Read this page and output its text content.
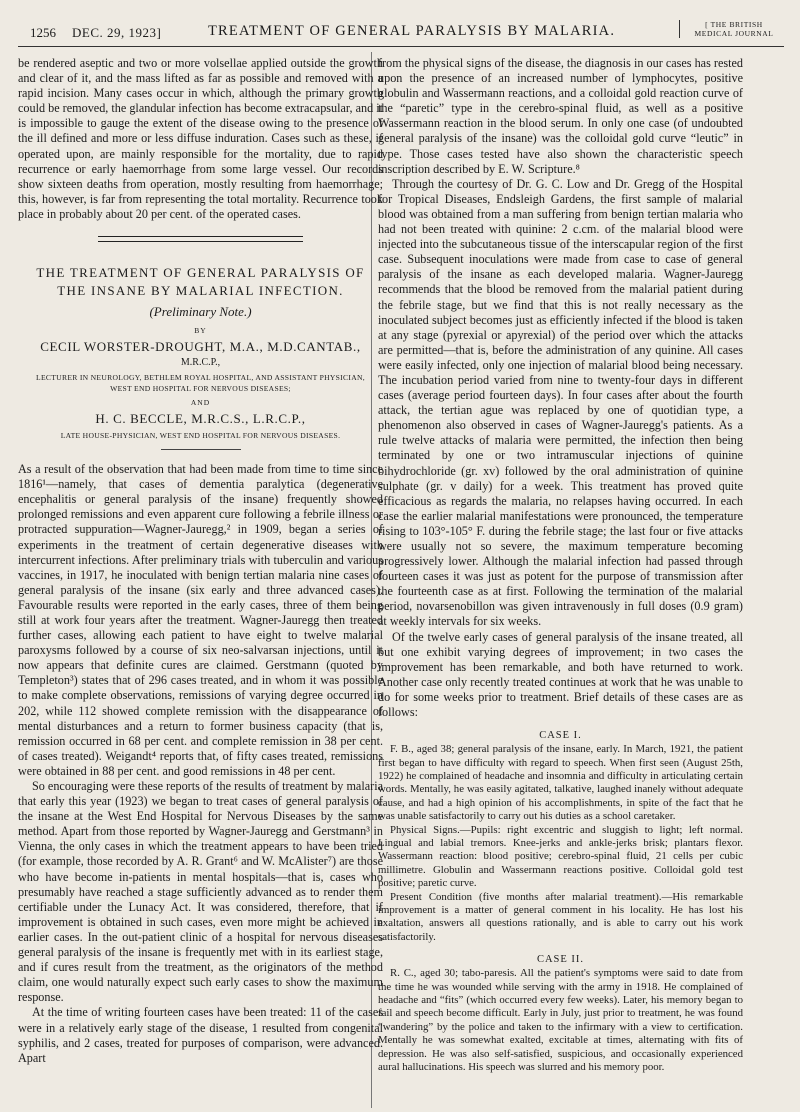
1256 DEC. 29, 1923]	TREATMENT OF GENERAL PARALYSIS BY MALARIA.	[ THE BRITISH
MEDICAL JOURNAL

be rendered aseptic and two or more volsellae applied outside the growth and clear of it, and the mass lifted as far as possible and removed with a rapid incision. Many cases occur in which, although the primary growth could be removed, the glandular infection has become extracapsular, and it is impossible to gauge the extent of the disease owing to the presence of the ill defined and more or less diffuse induration. Cases such as these, if operated upon, are mainly responsible for the mortality, due to rapid recurrence or early haemorrhage from some large vessel. Our records show sixteen deaths from operation, mostly resulting from haemorrhage; this, however, is far from representing the total mortality. Recurrence took place in probably about 20 per cent. of the operated cases.

THE TREATMENT OF GENERAL PARALYSIS OF
THE INSANE BY MALARIAL INFECTION.
(Preliminary Note.)
BY
CECIL WORSTER-DROUGHT, M.A., M.D.CANTAB.,
M.R.C.P.,
LECTURER IN NEUROLOGY, BETHLEM ROYAL HOSPITAL, AND ASSISTANT PHYSICIAN, WEST END HOSPITAL FOR NERVOUS DISEASES;
AND
H. C. BECCLE, M.R.C.S., L.R.C.P.,
LATE HOUSE-PHYSICIAN, WEST END HOSPITAL FOR NERVOUS DISEASES.

As a result of the observation that had been made from time to time since 1816¹—namely, that cases of dementia paralytica (degenerative encephalitis or general paralysis of the insane) frequently showed prolonged remissions and even apparent cure following a febrile illness or protracted suppuration—Wagner-Jauregg,² in 1909, began a series of experiments in the treatment of certain degenerative diseases with intercurrent infections. After preliminary trials with tuberculin and various vaccines, in 1917, he inoculated with benign tertian malaria nine cases of general paralysis of the insane (six early and three advanced cases). Favourable results were reported in the early cases, three of them being still at work four years after the treatment. Wagner-Jauregg then treated further cases, allowing each patient to have eight to twelve malarial paroxysms followed by a course of six neo-salvarsan injections, until it now appears that definite cures are claimed. Gerstmann (quoted by Templeton³) states that of 296 cases treated, and in whom it was possible to make complete observations, remissions of varying degree occurred in 202, while 112 showed complete remission with the disappearance of mental disturbances and a return to former business capacity (that is, remission occurred in 68 per cent. and complete remission in 38 per cent. of cases treated). Weigandt⁴ reports that, of fifty cases treated, remissions were obtained in 88 per cent. and good remissions in 48 per cent.

So encouraging were these reports of the results of treatment by malaria that early this year (1923) we began to treat cases of general paralysis of the insane at the West End Hospital for Nervous Diseases by the same method. Apart from those reported by Wagner-Jauregg and Gerstmann³ in Vienna, the only cases in which the treatment appears to have been tried (for example, those recorded by A. R. Grant⁶ and W. McAlister⁷) are those who have become in-patients in mental hospitals—that is, cases who presumably have reached a stage sufficiently advanced as to render them certifiable under the Lunacy Act. It was considered, therefore, that if improvement is obtained in such cases, even more might be achieved in earlier cases. In the out-patient clinic of a hospital for nervous diseases general paralysis of the insane is frequently met with in its earliest stage, and if cures result from the treatment, as the originators of the method claim, one would naturally expect such early cases to show the maximum response.

At the time of writing fourteen cases have been treated: 11 of the cases were in a relatively early stage of the disease, 1 resulted from congenital syphilis, and 2 cases, treated for purposes of comparison, were advanced. Apart

from the physical signs of the disease, the diagnosis in our cases has rested upon the presence of an increased number of lymphocytes, positive globulin and Wassermann reactions, and a colloidal gold reaction curve of the “paretic” type in the cerebro-spinal fluid, as well as a positive Wassermann reaction in the blood serum. In only one case (of undoubted general paralysis of the insane) was the colloidal gold curve “leutic” in type. Those cases tested have also shown the characteristic speech inscription described by E. W. Scripture.⁸

Through the courtesy of Dr. G. C. Low and Dr. Gregg of the Hospital for Tropical Diseases, Endsleigh Gardens, the first sample of malarial blood was obtained from a man suffering from benign tertian malaria who had not been treated with quinine: 2 c.cm. of the malarial blood were injected into the subcutaneous tissue of the interscapular region of the first case. Subsequent inoculations were made from case to case of general paralysis of the insane as each developed malaria. Wagner-Jauregg recommends that the blood be removed from the malarial patient during the febrile stage, but we find that this is not really necessary as the inoculated subject becomes just as efficiently infected if the blood is taken at any stage (pyrexial or apyrexial) of the period over which the attacks are permitted—that is, before the administration of any quinine. All cases were easily infected, only one injection of malarial blood being necessary. The incubation period varied from nine to twenty-four days in different cases (average period fourteen days). In four cases after about the fourth attack, the tertian ague was replaced by one of quotidian type, a phenomenon also observed in cases of Wagner-Jauregg's patients. As a rule twelve attacks of malaria were permitted, the infection then being terminated by one or two intramuscular injections of quinine bihydrochloride (gr. xv) followed by the oral administration of quinine sulphate (gr. v daily) for a week. This treatment has proved quite efficacious as regards the malaria, no relapses having occurred. In each case the earlier malarial manifestations were pronounced, the temperature rising to 103°-105° F. during the febrile stage; the last four or five attacks were usually not so severe, the maximum temperature becoming progressively lower. Although the malarial infection had passed through fourteen cases it was just as potent for the purpose of transmission after the fourteenth case as at first. Following the termination of the malarial period, novarsenobillon was given intravenously in full doses (0.9 gram) at weekly intervals for six weeks.

Of the twelve early cases of general paralysis of the insane treated, all but one exhibit varying degrees of improvement; in two cases the improvement has been remarkable, and both have returned to work. Another case only recently treated continues at work that he was unable to do for some weeks prior to treatment. Brief details of these cases are as follows:

CASE I.

F. B., aged 38; general paralysis of the insane, early. In March, 1921, the patient first began to have difficulty with regard to speech. When first seen (August 25th, 1922) he complained of headache and insomnia and difficulty in articulating certain words. Mentally, he was easily agitated, talkative, laughed inanely without adequate cause, and had a high opinion of his accomplishments, in spite of the fact that he was unable satisfactorily to carry out his duties as a school caretaker.

Physical Signs.—Pupils: right excentric and sluggish to light; left normal. Lingual and labial tremors. Knee-jerks and ankle-jerks brisk; plantars flexor. Wassermann reaction: blood positive; cerebro-spinal fluid, 21 cells per cubic millimetre. Globulin and Wassermann reactions positive. Colloidal gold test positive; paretic curve.

Present Condition (five months after malarial treatment).—His remarkable improvement is a matter of general comment in his locality. He has lost his exaltation, answers all questions rationally, and is able to carry out his work satisfactorily.

CASE II.

R. C., aged 30; tabo-paresis. All the patient's symptoms were said to date from the time he was wounded while serving with the army in 1918. He complained of headache and “fits” (which occurred every few weeks). Later, his memory began to fail and speech become difficult. Early in July, just prior to treatment, he was found “wandering” by the police and taken to the infirmary with a view to certification. Mentally he was somewhat exalted, excitable at times, alternating with fits of depression. He was also self-satisfied, suspicious, and occasionally experienced aural hallucinations. His speech was slurred and his memory poor.
